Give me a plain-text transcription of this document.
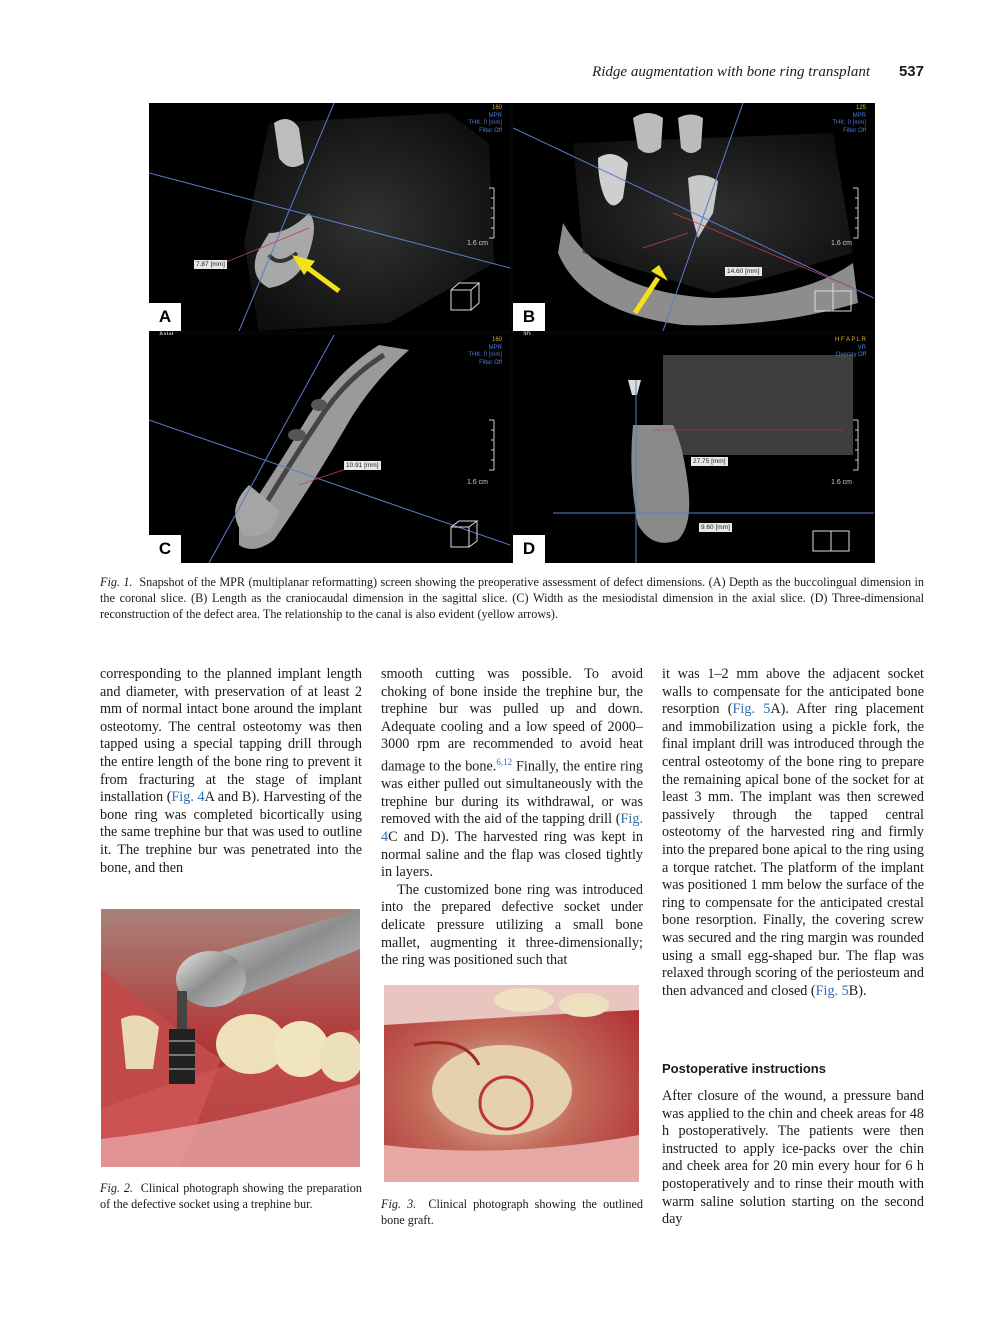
Ridge augmentation with bone ring transplant	537
160
MPR
THK: 0 [mm]
Filter Off
7.87 [mm]
1.6 cm
A
125
MPR
THK: 0 [mm]
Filter Off
14.60 [mm]
1.6 cm
B
160
MPR
THK: 0 [mm]
Filter Off
10.91 [mm]
1.6 cm
C
H F A P L R
VR
Overlay Off
27.75 [mm]
9.60 [mm]
1.6 cm
D
Fig. 1. Snapshot of the MPR (multiplanar reformatting) screen showing the preoperative assessment of defect dimensions. (A) Depth as the buccolingual dimension in the coronal slice. (B) Length as the craniocaudal dimension in the sagittal slice. (C) Width as the mesiodistal dimension in the axial slice. (D) Three-dimensional reconstruction of the defect area. The relationship to the canal is also evident (yellow arrows).

corresponding to the planned implant length and diameter, with preservation of at least 2 mm of normal intact bone around the implant osteotomy. The central osteotomy was then tapped using a special tapping drill through the entire length of the bone ring to prevent it from fracturing at the stage of implant installation (Fig. 4A and B). Harvesting of the bone ring was completed bicortically using the same trephine bur that was used to outline it. The trephine bur was penetrated into the bone, and then

Fig. 2. Clinical photograph showing the preparation of the defective socket using a trephine bur.

smooth cutting was possible. To avoid choking of bone inside the trephine bur, the trephine bur was pulled up and down. Adequate cooling and a low speed of 2000–3000 rpm are recommended to avoid heat damage to the bone.$^{6,12}$ Finally, the entire ring was either pulled out simultaneously with the trephine bur during its withdrawal, or was removed with the aid of the tapping drill (Fig. 4C and D). The harvested ring was kept in normal saline and the flap was closed tightly in layers.

The customized bone ring was introduced into the prepared defective socket under delicate pressure utilizing a small bone mallet, augmenting it three-dimensionally; the ring was positioned such that

Fig. 3. Clinical photograph showing the outlined bone graft.

it was 1–2 mm above the adjacent socket walls to compensate for the anticipated bone resorption (Fig. 5A). After ring placement and immobilization using a pickle fork, the final implant drill was introduced through the central osteotomy of the bone ring to prepare the remaining apical bone of the socket for at least 3 mm. The implant was then screwed passively through the tapped central osteotomy of the harvested ring and firmly into the prepared bone apical to the ring using a torque ratchet. The platform of the implant was positioned 1 mm below the surface of the ring to compensate for the anticipated crestal bone resorption. Finally, the covering screw was secured and the ring margin was rounded using a small egg-shaped bur. The flap was relaxed through scoring of the periosteum and then advanced and closed (Fig. 5B).

Postoperative instructions

After closure of the wound, a pressure band was applied to the chin and cheek areas for 48 h postoperatively. The patients were then instructed to apply ice-packs over the chin and cheek area for 20 min every hour for 6 h postoperatively and to rinse their mouth with warm saline solution starting on the second day
